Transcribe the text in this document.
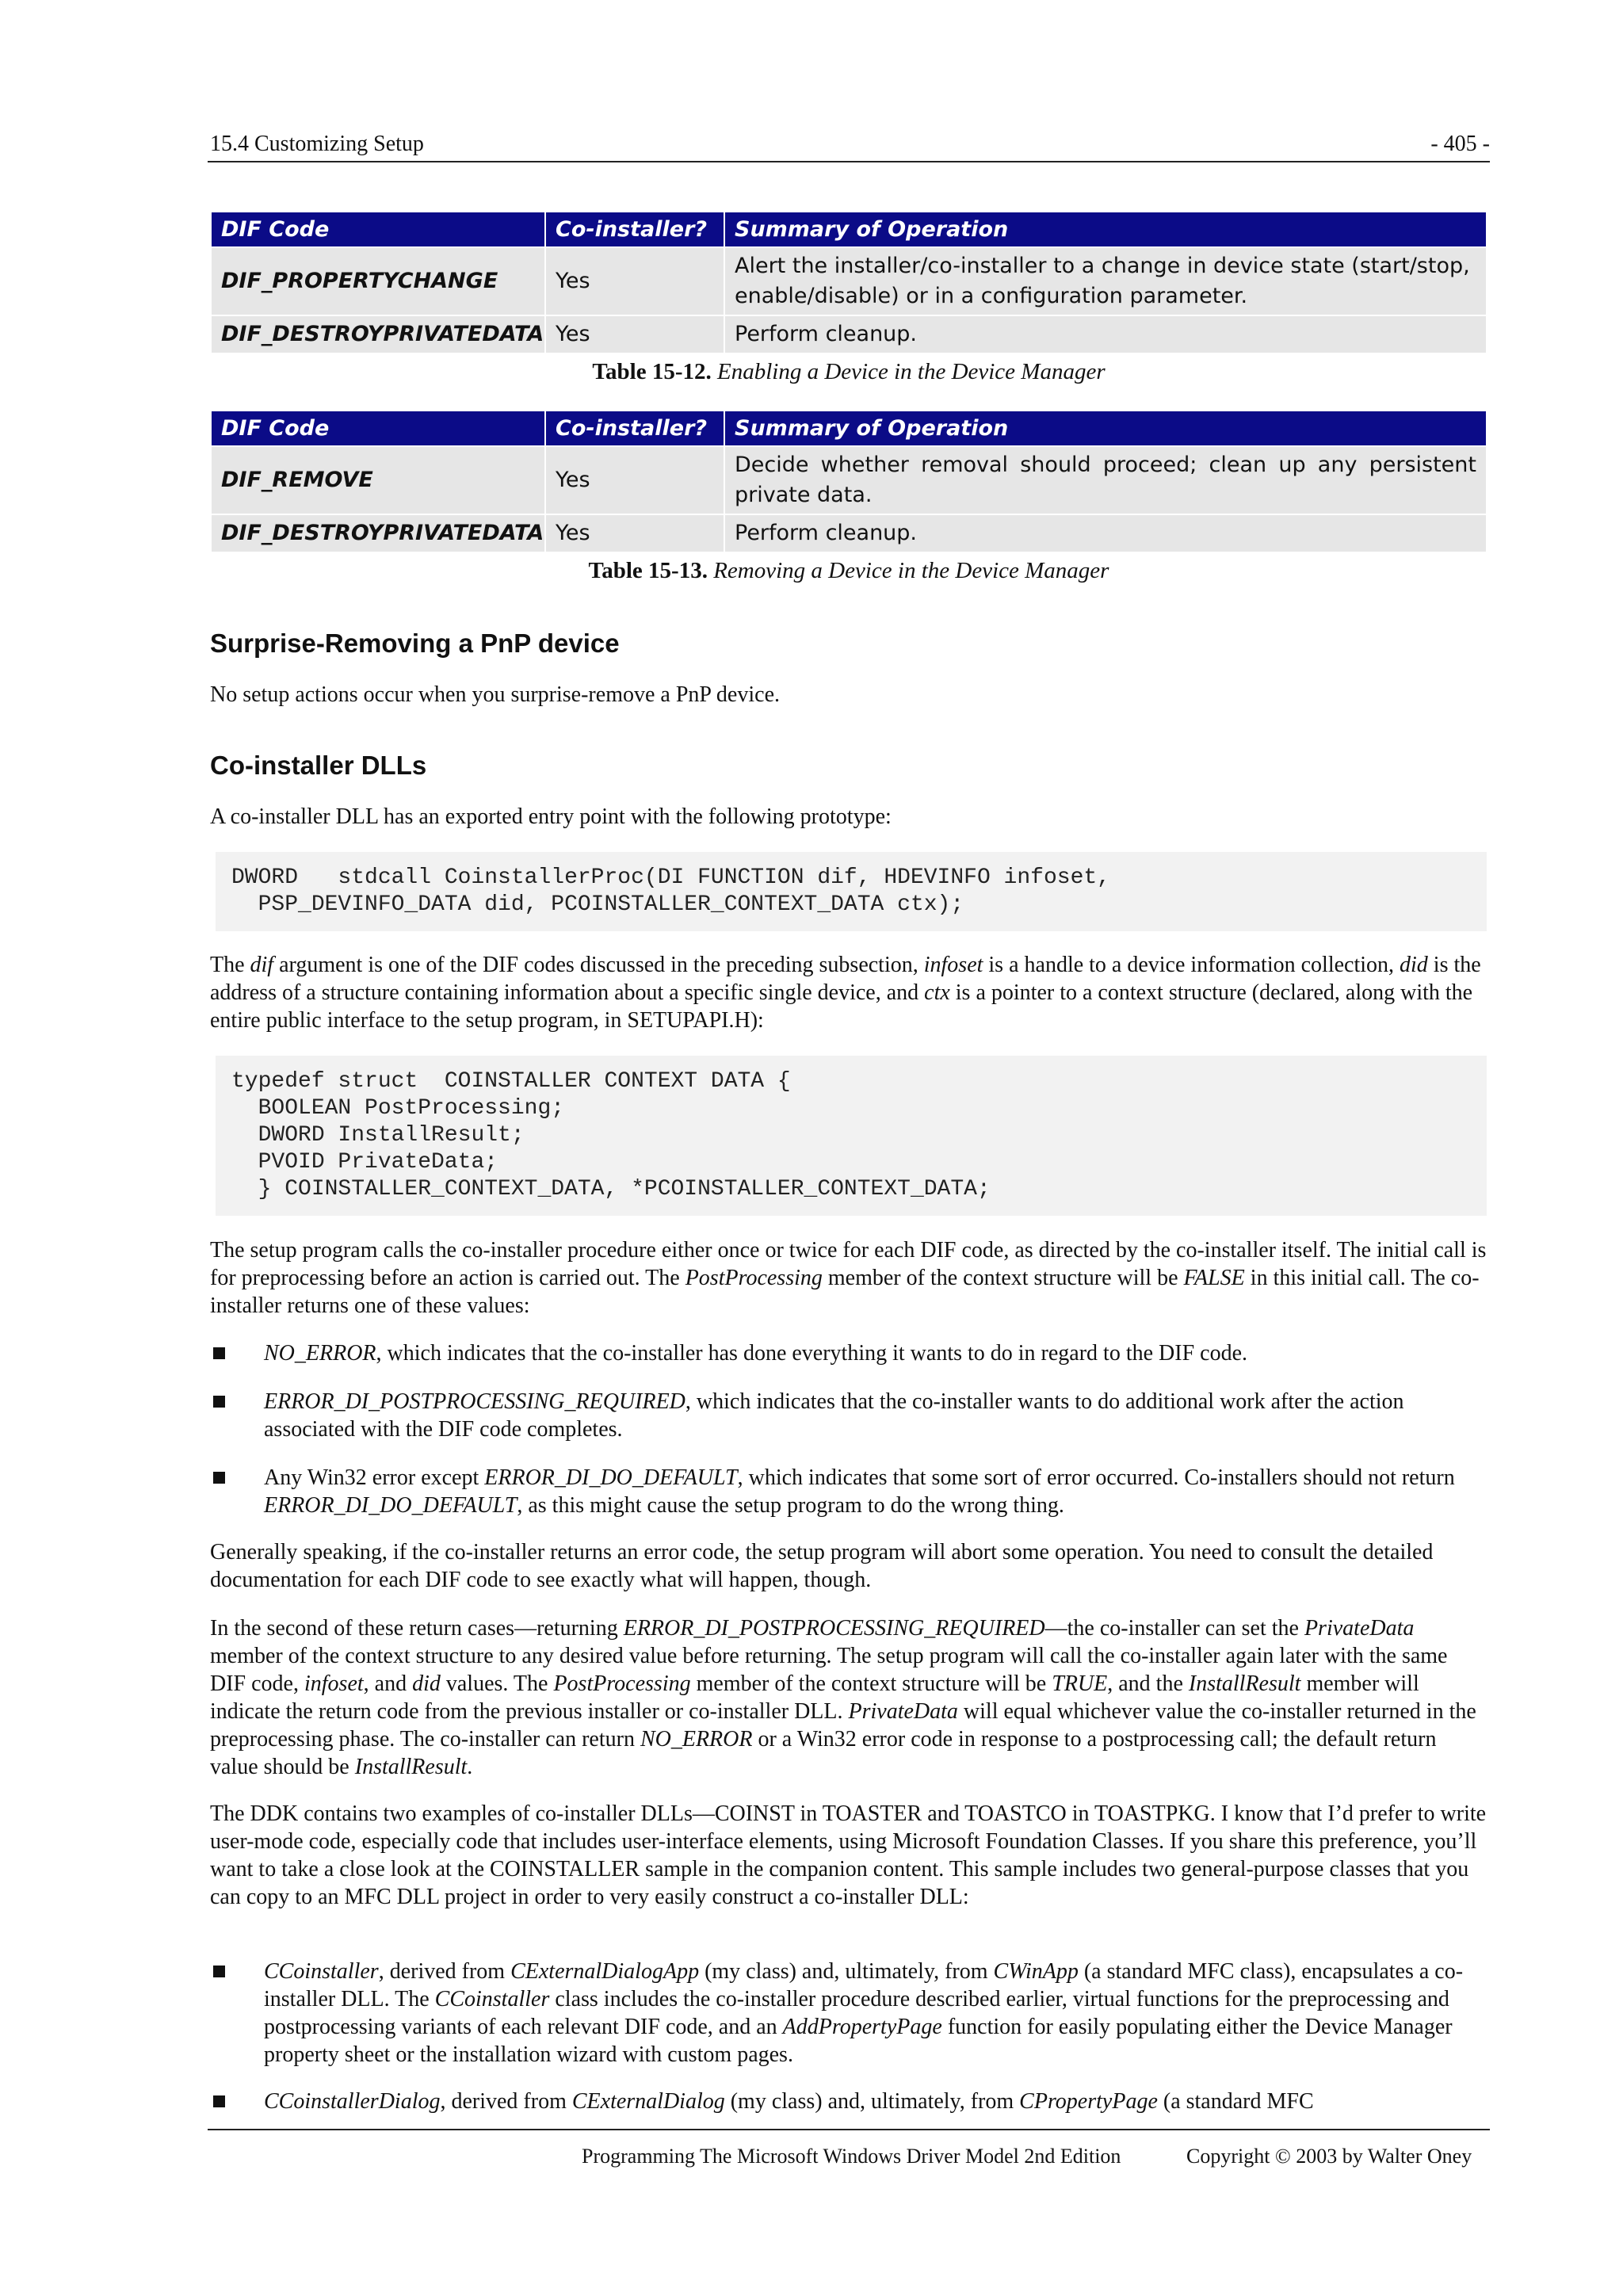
15.4 Customizing Setup	- 405 -
DIF Code	Co-installer?	Summary of Operation
DIF_PROPERTYCHANGE	Yes	Alert the installer/co-installer to a change in device state (start/stop, enable/disable) or in a configuration parameter.
DIF_DESTROYPRIVATEDATA	Yes	Perform cleanup.
Table 15-12. Enabling a Device in the Device Manager
DIF Code	Co-installer?	Summary of Operation
DIF_REMOVE	Yes	Decide whether removal should proceed; clean up any persistent private data.
DIF_DESTROYPRIVATEDATA	Yes	Perform cleanup.
Table 15-13. Removing a Device in the Device Manager
Surprise-Removing a PnP device

No setup actions occur when you surprise-remove a PnP device.

Co-installer DLLs

A co-installer DLL has an exported entry point with the following prototype:

DWORD   stdcall CoinstallerProc(DI FUNCTION dif, HDEVINFO infoset,
PSP_DEVINFO_DATA did, PCOINSTALLER_CONTEXT_DATA ctx);

The dif argument is one of the DIF codes discussed in the preceding subsection, infoset is a handle to a device information collection, did is the address of a structure containing information about a specific single device, and ctx is a pointer to a context structure (declared, along with the entire public interface to the setup program, in SETUPAPI.H):

typedef struct  COINSTALLER CONTEXT DATA {
BOOLEAN PostProcessing;
DWORD InstallResult;
PVOID PrivateData;
} COINSTALLER_CONTEXT_DATA, *PCOINSTALLER_CONTEXT_DATA;

The setup program calls the co-installer procedure either once or twice for each DIF code, as directed by the co-installer itself. The initial call is for preprocessing before an action is carried out. The PostProcessing member of the context structure will be FALSE in this initial call. The co-installer returns one of these values:

NO_ERROR, which indicates that the co-installer has done everything it wants to do in regard to the DIF code.
ERROR_DI_POSTPROCESSING_REQUIRED, which indicates that the co-installer wants to do additional work after the action associated with the DIF code completes.
Any Win32 error except ERROR_DI_DO_DEFAULT, which indicates that some sort of error occurred. Co-installers should not return ERROR_DI_DO_DEFAULT, as this might cause the setup program to do the wrong thing.

Generally speaking, if the co-installer returns an error code, the setup program will abort some operation. You need to consult the detailed documentation for each DIF code to see exactly what will happen, though.

In the second of these return cases—returning ERROR_DI_POSTPROCESSING_REQUIRED—the co-installer can set the PrivateData member of the context structure to any desired value before returning. The setup program will call the co-installer again later with the same DIF code, infoset, and did values. The PostProcessing member of the context structure will be TRUE, and the InstallResult member will indicate the return code from the previous installer or co-installer DLL. PrivateData will equal whichever value the co-installer returned in the preprocessing phase. The co-installer can return NO_ERROR or a Win32 error code in response to a postprocessing call; the default return value should be InstallResult.

The DDK contains two examples of co-installer DLLs—COINST in TOASTER and TOASTCO in TOASTPKG. I know that I’d prefer to write user-mode code, especially code that includes user-interface elements, using Microsoft Foundation Classes. If you share this preference, you’ll want to take a close look at the COINSTALLER sample in the companion content. This sample includes two general-purpose classes that you can copy to an MFC DLL project in order to very easily construct a co-installer DLL:

CCoinstaller, derived from CExternalDialogApp (my class) and, ultimately, from CWinApp (a standard MFC class), encapsulates a co-installer DLL. The CCoinstaller class includes the co-installer procedure described earlier, virtual functions for the preprocessing and postprocessing variants of each relevant DIF code, and an AddPropertyPage function for easily populating either the Device Manager property sheet or the installation wizard with custom pages.
CCoinstallerDialog, derived from CExternalDialog (my class) and, ultimately, from CPropertyPage (a standard MFC
Programming The Microsoft Windows Driver Model 2nd Edition	Copyright © 2003 by Walter Oney
